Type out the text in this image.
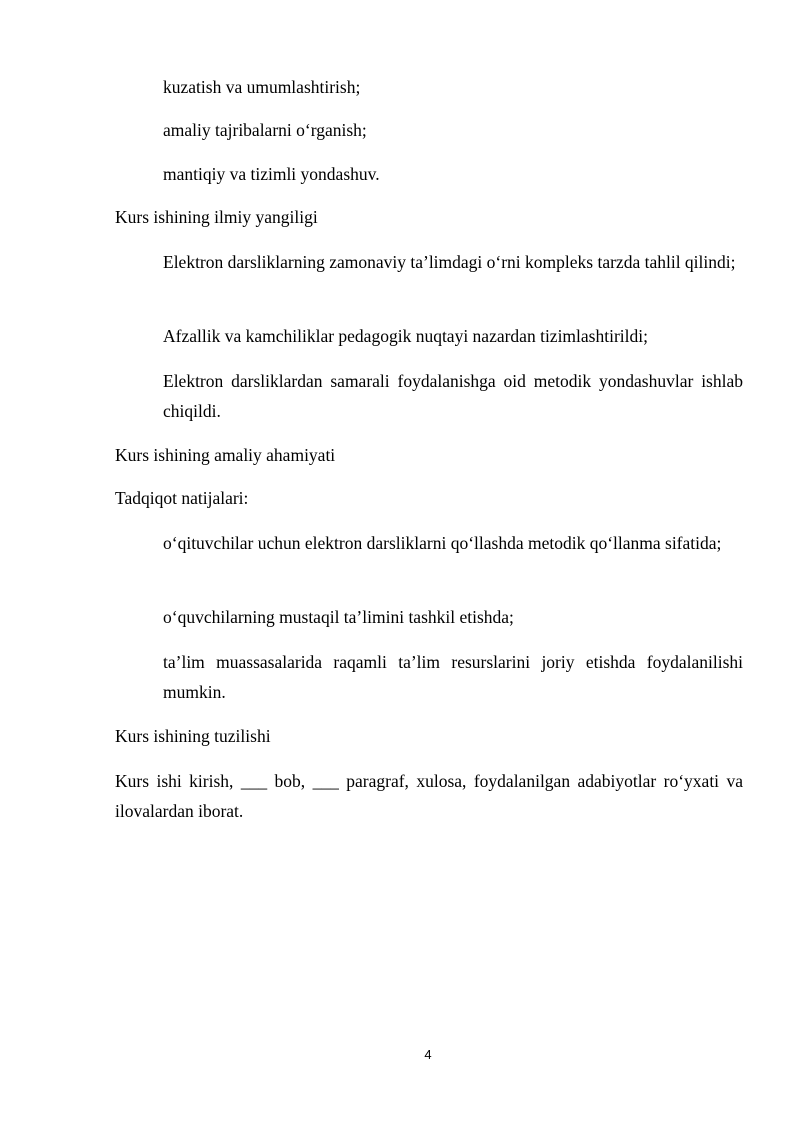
kuzatish va umumlashtirish;
amaliy tajribalarni o‘rganish;
mantiqiy va tizimli yondashuv.
Kurs ishining ilmiy yangiligi
Elektron darsliklarning zamonaviy ta’limdagi o‘rni kompleks tarzda tahlil qilindi;
Afzallik va kamchiliklar pedagogik nuqtayi nazardan tizimlashtirildi;
Elektron darsliklardan samarali foydalanishga oid metodik yondashuvlar ishlab chiqildi.
Kurs ishining amaliy ahamiyati
Tadqiqot natijalari:
o‘qituvchilar uchun elektron darsliklarni qo‘llashda metodik qo‘llanma sifatida;
o‘quvchilarning mustaqil ta’limini tashkil etishda;
ta’lim muassasalarida raqamli ta’lim resurslarini joriy etishda foydalanilishi mumkin.
Kurs ishining tuzilishi
Kurs ishi kirish, ___ bob, ___ paragraf, xulosa, foydalanilgan adabiyotlar ro‘yxati va ilovalardan iborat.
4
